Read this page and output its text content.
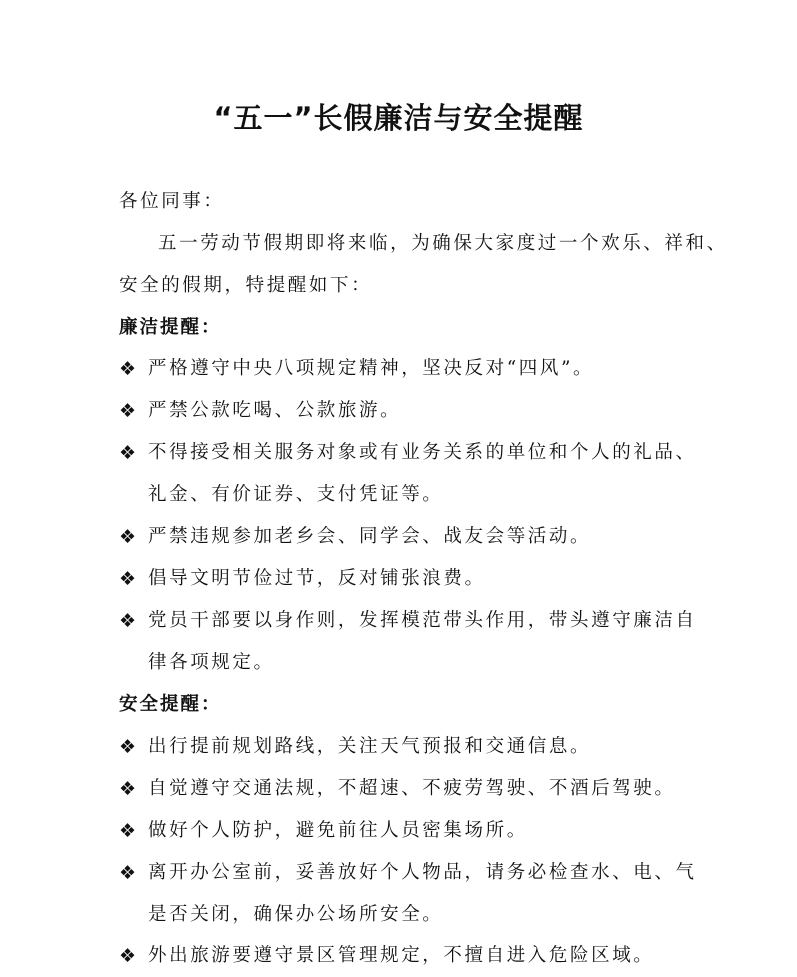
“五一”长假廉洁与安全提醒
各位同事：
五一劳动节假期即将来临，为确保大家度过一个欢乐、祥和、
安全的假期，特提醒如下：
廉洁提醒：
❖ 严格遵守中央八项规定精神，坚决反对“四风”。
❖ 严禁公款吃喝、公款旅游。
❖ 不得接受相关服务对象或有业务关系的单位和个人的礼品、
礼金、有价证券、支付凭证等。
❖ 严禁违规参加老乡会、同学会、战友会等活动。
❖ 倡导文明节俭过节，反对铺张浪费。
❖ 党员干部要以身作则，发挥模范带头作用，带头遵守廉洁自
律各项规定。
安全提醒：
❖ 出行提前规划路线，关注天气预报和交通信息。
❖ 自觉遵守交通法规，不超速、不疲劳驾驶、不酒后驾驶。
❖ 做好个人防护，避免前往人员密集场所。
❖ 离开办公室前，妥善放好个人物品，请务必检查水、电、气
是否关闭，确保办公场所安全。
❖ 外出旅游要遵守景区管理规定，不擅自进入危险区域。
